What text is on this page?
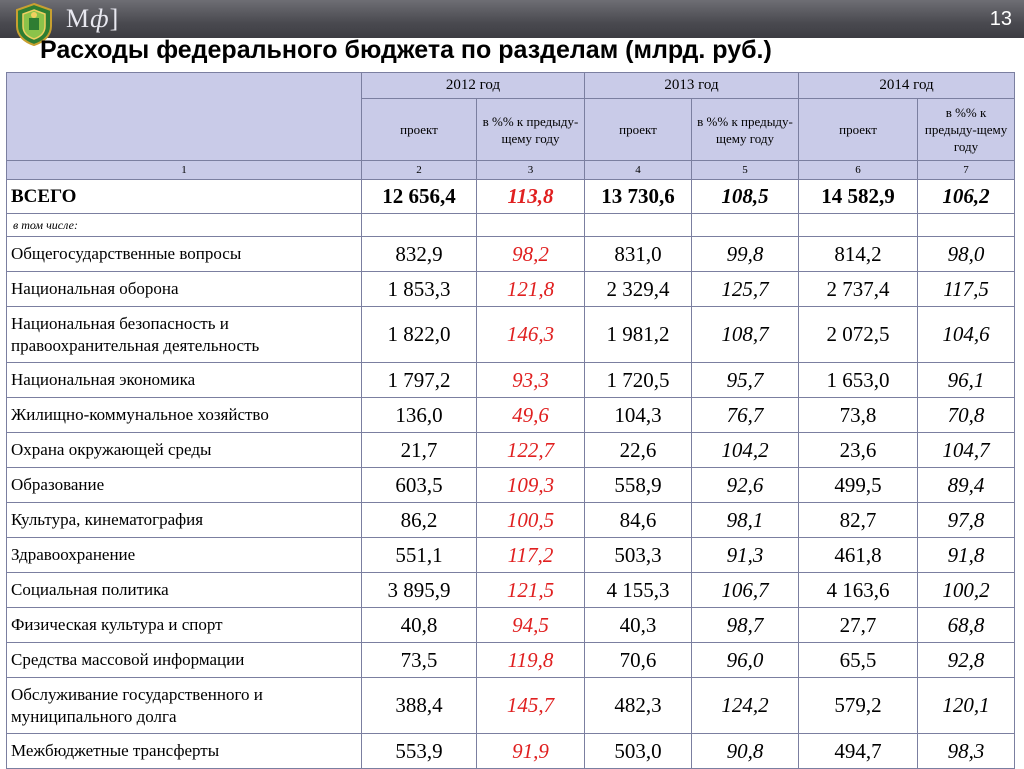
Мф]	13
Расходы федерального бюджета по разделам (млрд. руб.)
	2012 год		2013 год		2014 год	
	проект	в %% к предыду-щему году	проект	в %% к предыду-щему году	проект	в %% к предыду-щему году
1	2	3	4	5	6	7
ВСЕГО	12 656,4	113,8	13 730,6	108,5	14 582,9	106,2
в том числе:						
Общегосударственные вопросы	832,9	98,2	831,0	99,8	814,2	98,0
Национальная оборона	1 853,3	121,8	2 329,4	125,7	2 737,4	117,5
Национальная безопасность и правоохранительная деятельность	1 822,0	146,3	1 981,2	108,7	2 072,5	104,6
Национальная экономика	1 797,2	93,3	1 720,5	95,7	1 653,0	96,1
Жилищно-коммунальное хозяйство	136,0	49,6	104,3	76,7	73,8	70,8
Охрана окружающей среды	21,7	122,7	22,6	104,2	23,6	104,7
Образование	603,5	109,3	558,9	92,6	499,5	89,4
Культура, кинематография	86,2	100,5	84,6	98,1	82,7	97,8
Здравоохранение	551,1	117,2	503,3	91,3	461,8	91,8
Социальная политика	3 895,9	121,5	4 155,3	106,7	4 163,6	100,2
Физическая культура и спорт	40,8	94,5	40,3	98,7	27,7	68,8
Средства массовой информации	73,5	119,8	70,6	96,0	65,5	92,8
Обслуживание государственного и муниципального долга	388,4	145,7	482,3	124,2	579,2	120,1
Межбюджетные трансферты	553,9	91,9	503,0	90,8	494,7	98,3
